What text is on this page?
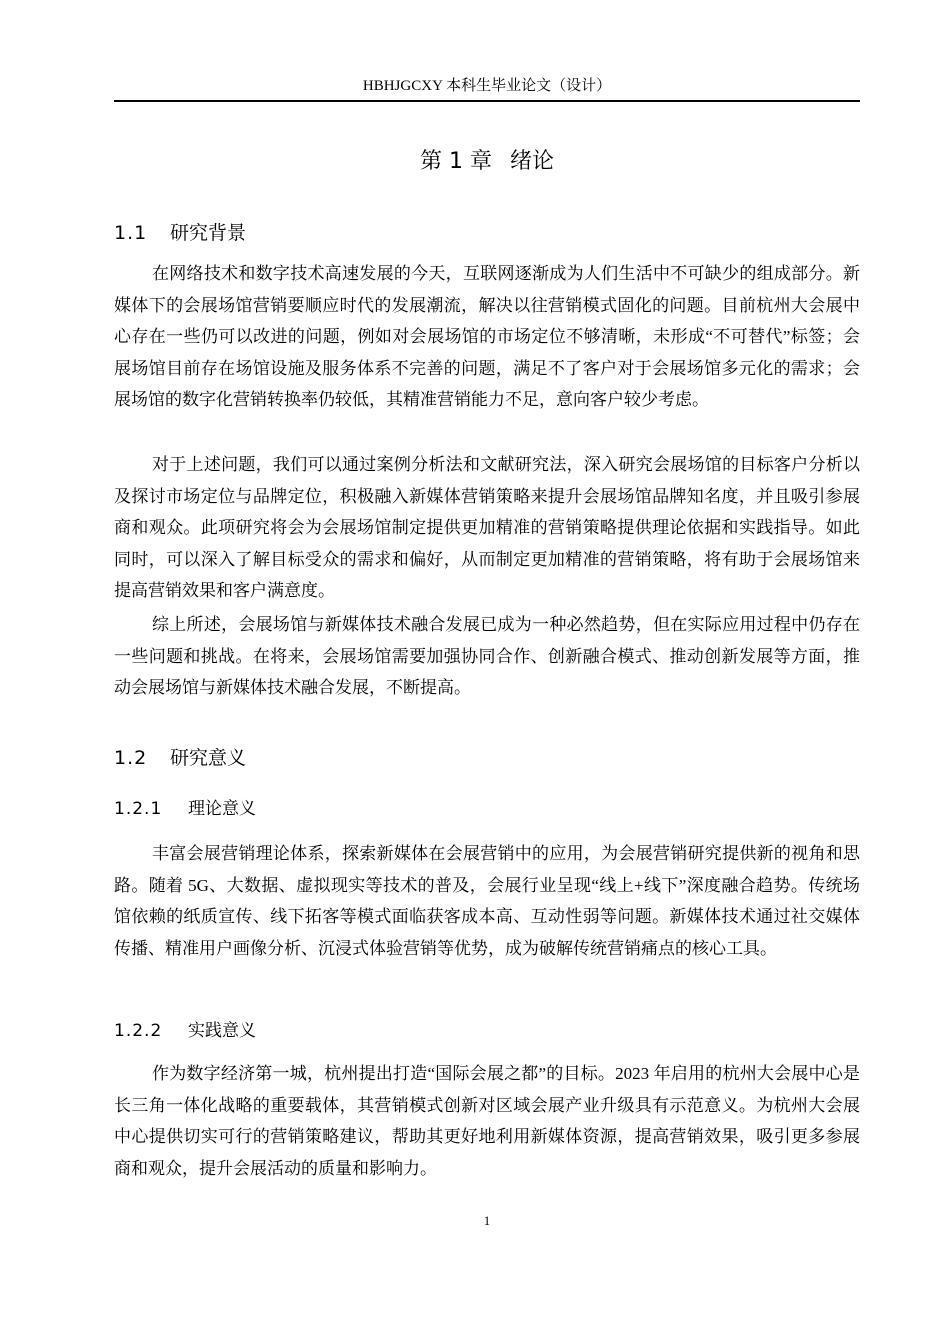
HBHJGCXY 本科生毕业论文（设计）
第 1 章 绪论
1.1 研究背景

在网络技术和数字技术高速发展的今天，互联网逐渐成为人们生活中不可缺少的组成部分。新媒体下的会展场馆营销要顺应时代的发展潮流，解决以往营销模式固化的问题。目前杭州大会展中心存在一些仍可以改进的问题，例如对会展场馆的市场定位不够清晰，未形成“不可替代”标签；会展场馆目前存在场馆设施及服务体系不完善的问题，满足不了客户对于会展场馆多元化的需求；会展场馆的数字化营销转换率仍较低，其精准营销能力不足，意向客户较少考虑。

对于上述问题，我们可以通过案例分析法和文献研究法，深入研究会展场馆的目标客户分析以及探讨市场定位与品牌定位，积极融入新媒体营销策略来提升会展场馆品牌知名度，并且吸引参展商和观众。此项研究将会为会展场馆制定提供更加精准的营销策略提供理论依据和实践指导。如此同时，可以深入了解目标受众的需求和偏好，从而制定更加精准的营销策略，将有助于会展场馆来提高营销效果和客户满意度。

综上所述，会展场馆与新媒体技术融合发展已成为一种必然趋势，但在实际应用过程中仍存在一些问题和挑战。在将来，会展场馆需要加强协同合作、创新融合模式、推动创新发展等方面，推动会展场馆与新媒体技术融合发展，不断提高。

1.2 研究意义
1.2.1 理论意义

丰富会展营销理论体系，探索新媒体在会展营销中的应用，为会展营销研究提供新的视角和思路。随着 5G、大数据、虚拟现实等技术的普及，会展行业呈现“线上+线下”深度融合趋势。传统场馆依赖的纸质宣传、线下拓客等模式面临获客成本高、互动性弱等问题。新媒体技术通过社交媒体传播、精准用户画像分析、沉浸式体验营销等优势，成为破解传统营销痛点的核心工具。

1.2.2 实践意义

作为数字经济第一城，杭州提出打造“国际会展之都”的目标。2023 年启用的杭州大会展中心是长三角一体化战略的重要载体，其营销模式创新对区域会展产业升级具有示范意义。为杭州大会展中心提供切实可行的营销策略建议，帮助其更好地利用新媒体资源，提高营销效果，吸引更多参展商和观众，提升会展活动的质量和影响力。

1
